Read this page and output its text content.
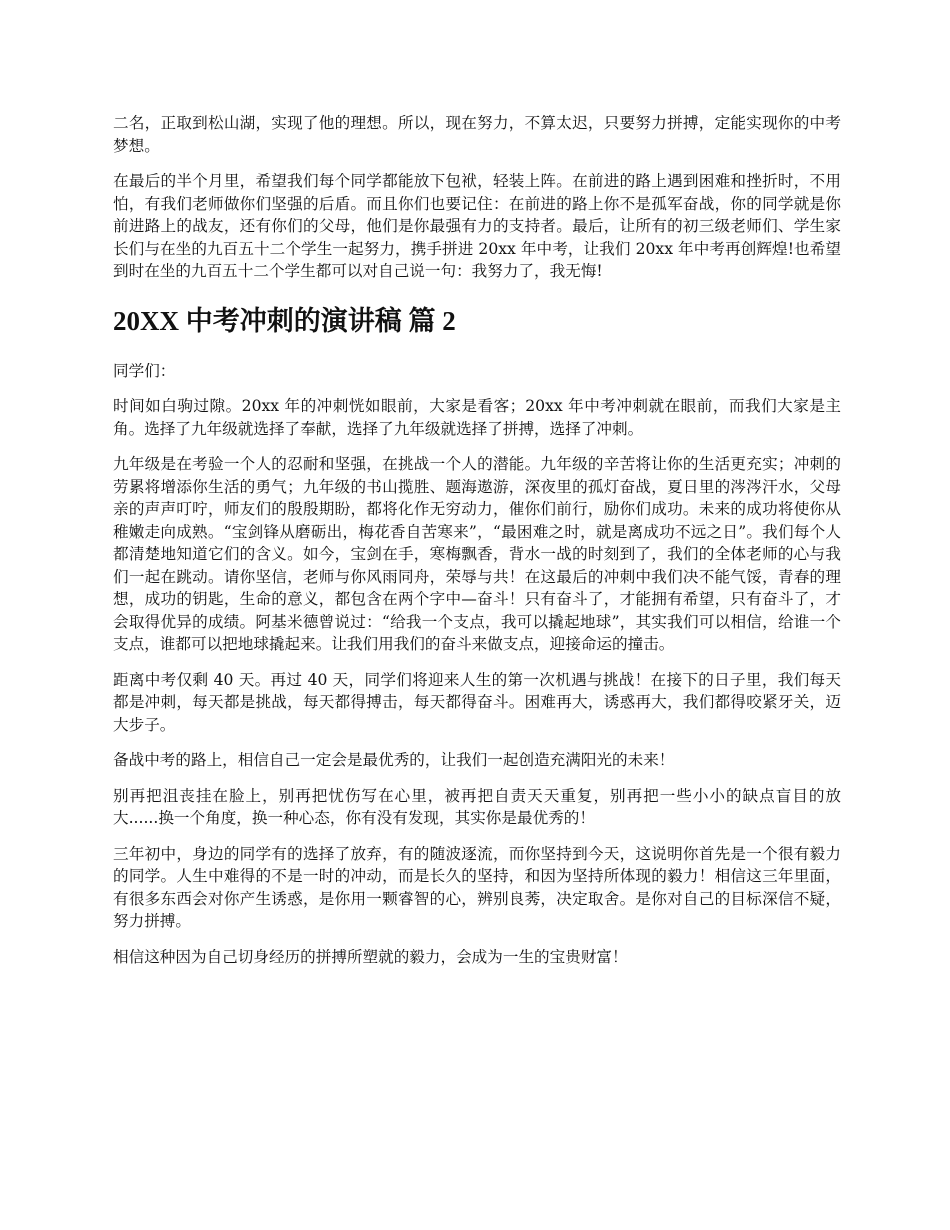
二名，正取到松山湖，实现了他的理想。所以，现在努力，不算太迟，只要努力拼搏，定能实现你的中考梦想。

在最后的半个月里，希望我们每个同学都能放下包袱，轻装上阵。在前进的路上遇到困难和挫折时，不用怕，有我们老师做你们坚强的后盾。而且你们也要记住：在前进的路上你不是孤军奋战，你的同学就是你前进路上的战友，还有你们的父母，他们是你最强有力的支持者。最后，让所有的初三级老师们、学生家长们与在坐的九百五十二个学生一起努力，携手拼进 20xx 年中考，让我们 20xx 年中考再创辉煌!也希望到时在坐的九百五十二个学生都可以对自己说一句：我努力了，我无悔!

20XX 中考冲刺的演讲稿 篇 2

同学们：

时间如白驹过隙。20xx 年的冲刺恍如眼前，大家是看客；20xx 年中考冲刺就在眼前，而我们大家是主角。选择了九年级就选择了奉献，选择了九年级就选择了拼搏，选择了冲刺。

九年级是在考验一个人的忍耐和坚强，在挑战一个人的潜能。九年级的辛苦将让你的生活更充实；冲刺的劳累将增添你生活的勇气；九年级的书山揽胜、题海遨游，深夜里的孤灯奋战，夏日里的涔涔汗水，父母亲的声声叮咛，师友们的殷殷期盼，都将化作无穷动力，催你们前行，励你们成功。未来的成功将使你从稚嫩走向成熟。“宝剑锋从磨砺出，梅花香自苦寒来”，“最困难之时，就是离成功不远之日”。我们每个人都清楚地知道它们的含义。如今，宝剑在手，寒梅飘香，背水一战的时刻到了，我们的全体老师的心与我们一起在跳动。请你坚信，老师与你风雨同舟，荣辱与共！在这最后的冲刺中我们决不能气馁，青春的理想，成功的钥匙，生命的意义，都包含在两个字中—奋斗！只有奋斗了，才能拥有希望，只有奋斗了，才会取得优异的成绩。阿基米德曾说过：“给我一个支点，我可以撬起地球”，其实我们可以相信，给谁一个支点，谁都可以把地球撬起来。让我们用我们的奋斗来做支点，迎接命运的撞击。

距离中考仅剩 40 天。再过 40 天，同学们将迎来人生的第一次机遇与挑战！在接下的日子里，我们每天都是冲刺，每天都是挑战，每天都得搏击，每天都得奋斗。困难再大，诱惑再大，我们都得咬紧牙关，迈大步子。

备战中考的路上，相信自己一定会是最优秀的，让我们一起创造充满阳光的未来！

别再把沮丧挂在脸上，别再把忧伤写在心里，被再把自责天天重复，别再把一些小小的缺点盲目的放大......换一个角度，换一种心态，你有没有发现，其实你是最优秀的！

三年初中，身边的同学有的选择了放弃，有的随波逐流，而你坚持到今天，这说明你首先是一个很有毅力的同学。人生中难得的不是一时的冲动，而是长久的坚持，和因为坚持所体现的毅力！相信这三年里面，有很多东西会对你产生诱惑，是你用一颗睿智的心，辨别良莠，决定取舍。是你对自己的目标深信不疑，努力拼搏。

相信这种因为自己切身经历的拼搏所塑就的毅力，会成为一生的宝贵财富！
